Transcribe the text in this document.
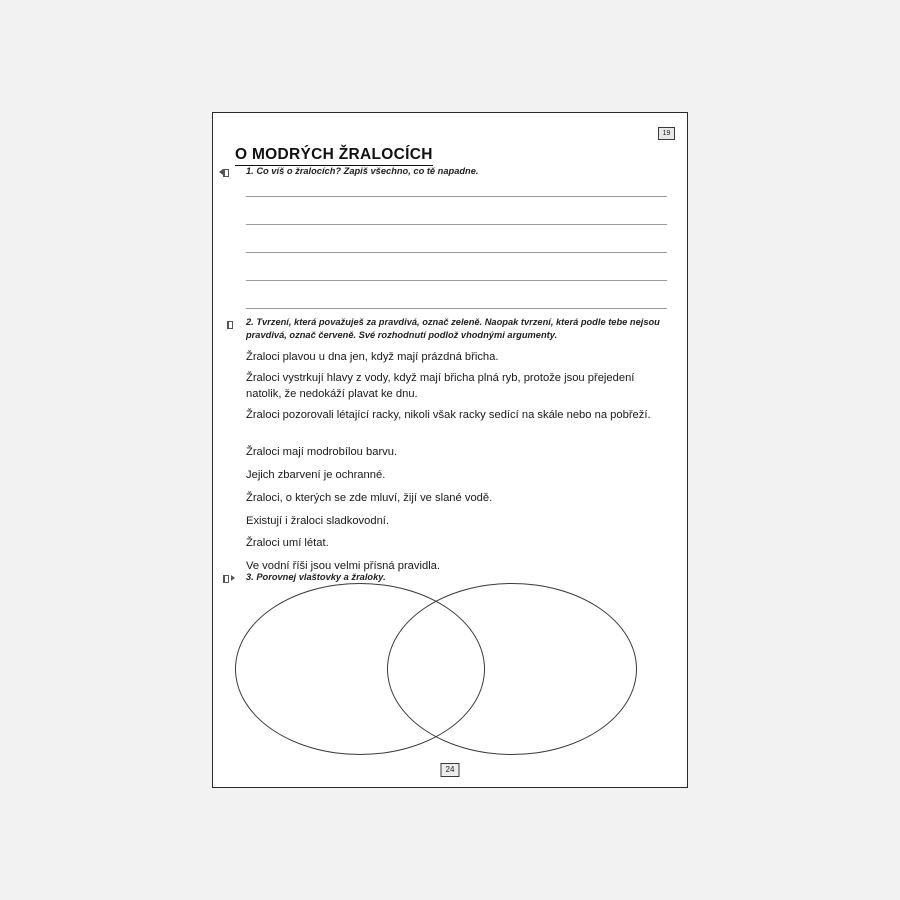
19
O MODRÝCH ŽRALOCÍCH
1. Co víš o žralocích? Zapiš všechno, co tě napadne.
2. Tvrzení, která považuješ za pravdivá, označ zeleně. Naopak tvrzení, která podle tebe nejsou pravdivá, označ červeně. Své rozhodnutí podlož vhodnými argumenty.
Žraloci plavou u dna jen, když mají prázdná břicha.
Žraloci vystrkují hlavy z vody, když mají břicha plná ryb, protože jsou přejedení natolik, že nedokáží plavat ke dnu.
Žraloci pozorovali létající racky, nikoli však racky sedící na skále nebo na pobřeží.
Žraloci mají modrobílou barvu.
Jejich zbarvení je ochranné.
Žraloci, o kterých se zde mluví, žijí ve slané vodě.
Existují i žraloci sladkovodní.
Žraloci umí létat.
Ve vodní říši jsou velmi přísná pravidla.
3. Porovnej vlaštovky a žraloky.
24
